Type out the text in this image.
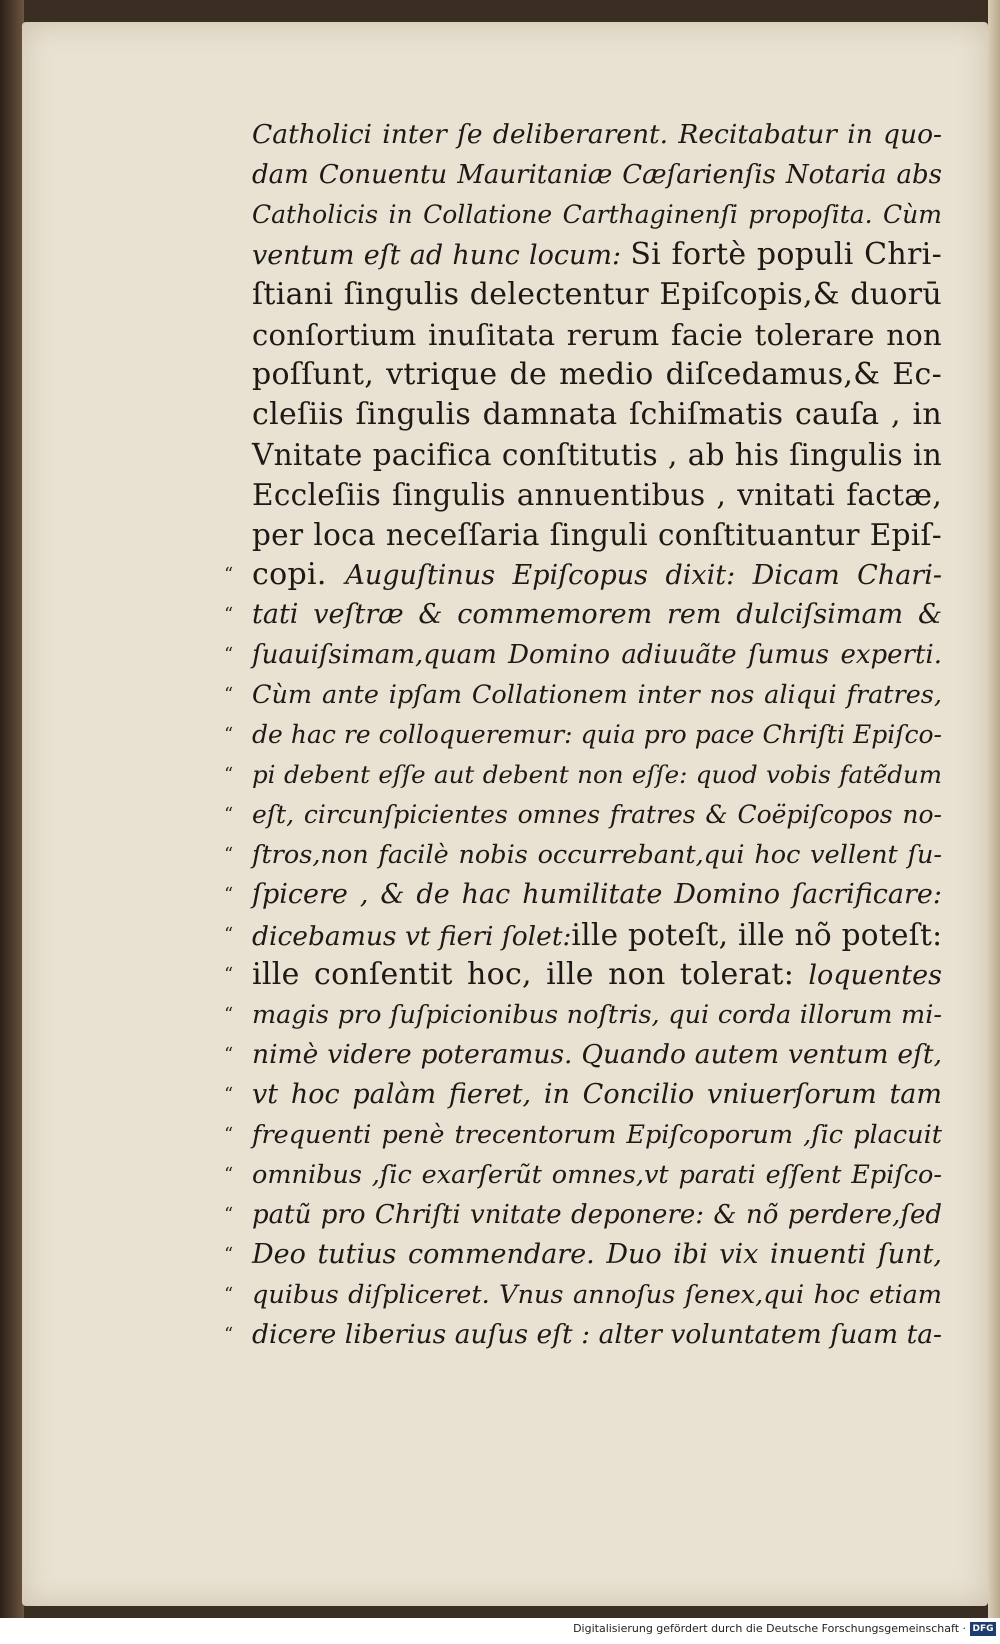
Catholici inter ſe deliberarent. Recitabatur in quo-
dam Conuentu Mauritaniæ Cæſarienſis Notaria abs
Catholicis in Collatione Carthaginenſi propoſita. Cùm
ventum eſt ad hunc locum: Si fortè populi Chri-
ſtiani ſingulis delectentur Epiſcopis,& duorū
conſortium inuſitata rerum facie tolerare non
poſſunt, vtrique de medio diſcedamus,& Ec-
cleſiis ſingulis damnata ſchiſmatis cauſa , in
Vnitate pacifica conſtitutis , ab his ſingulis in
Eccleſiis ſingulis annuentibus , vnitati factæ,
per loca neceſſaria ſinguli conſtituantur Epiſ-
“ copi. Auguſtinus Epiſcopus dixit: Dicam Chari-
“ tati veſtræ & commemorem rem dulciſsimam &
“ ſuauiſsimam,quam Domino adiuuãte ſumus experti.
“ Cùm ante ipſam Collationem inter nos aliqui fratres,
“ de hac re colloqueremur: quia pro pace Chriſti Epiſco-
“ pi debent eſſe aut debent non eſſe: quod vobis fatẽdum
“ eſt, circunſpicientes omnes fratres & Coëpiſcopos no-
“ ſtros,non facilè nobis occurrebant,qui hoc vellent ſu-
“ ſpicere , & de hac humilitate Domino ſacrificare:
“ dicebamus vt fieri ſolet:ille poteſt, ille nõ poteſt:
“ ille conſentit hoc, ille non tolerat: loquentes
“ magis pro ſuſpicionibus noſtris, qui corda illorum mi-
“ nimè videre poteramus. Quando autem ventum eſt,
“ vt hoc palàm fieret, in Concilio vniuerſorum tam
“ frequenti penè trecentorum Epiſcoporum ,ſic placuit
“ omnibus ,ſic exarſerũt omnes,vt parati eſſent Epiſco-
“ patũ pro Chriſti vnitate deponere: & nõ perdere,ſed
“ Deo tutius commendare. Duo ibi vix inuenti ſunt,
“ quibus diſpliceret. Vnus annoſus ſenex,qui hoc etiam
“ dicere liberius auſus eſt : alter voluntatem ſuam ta-
Digitalisierung gefördert durch die Deutsche Forschungsgemeinschaft · DFG
